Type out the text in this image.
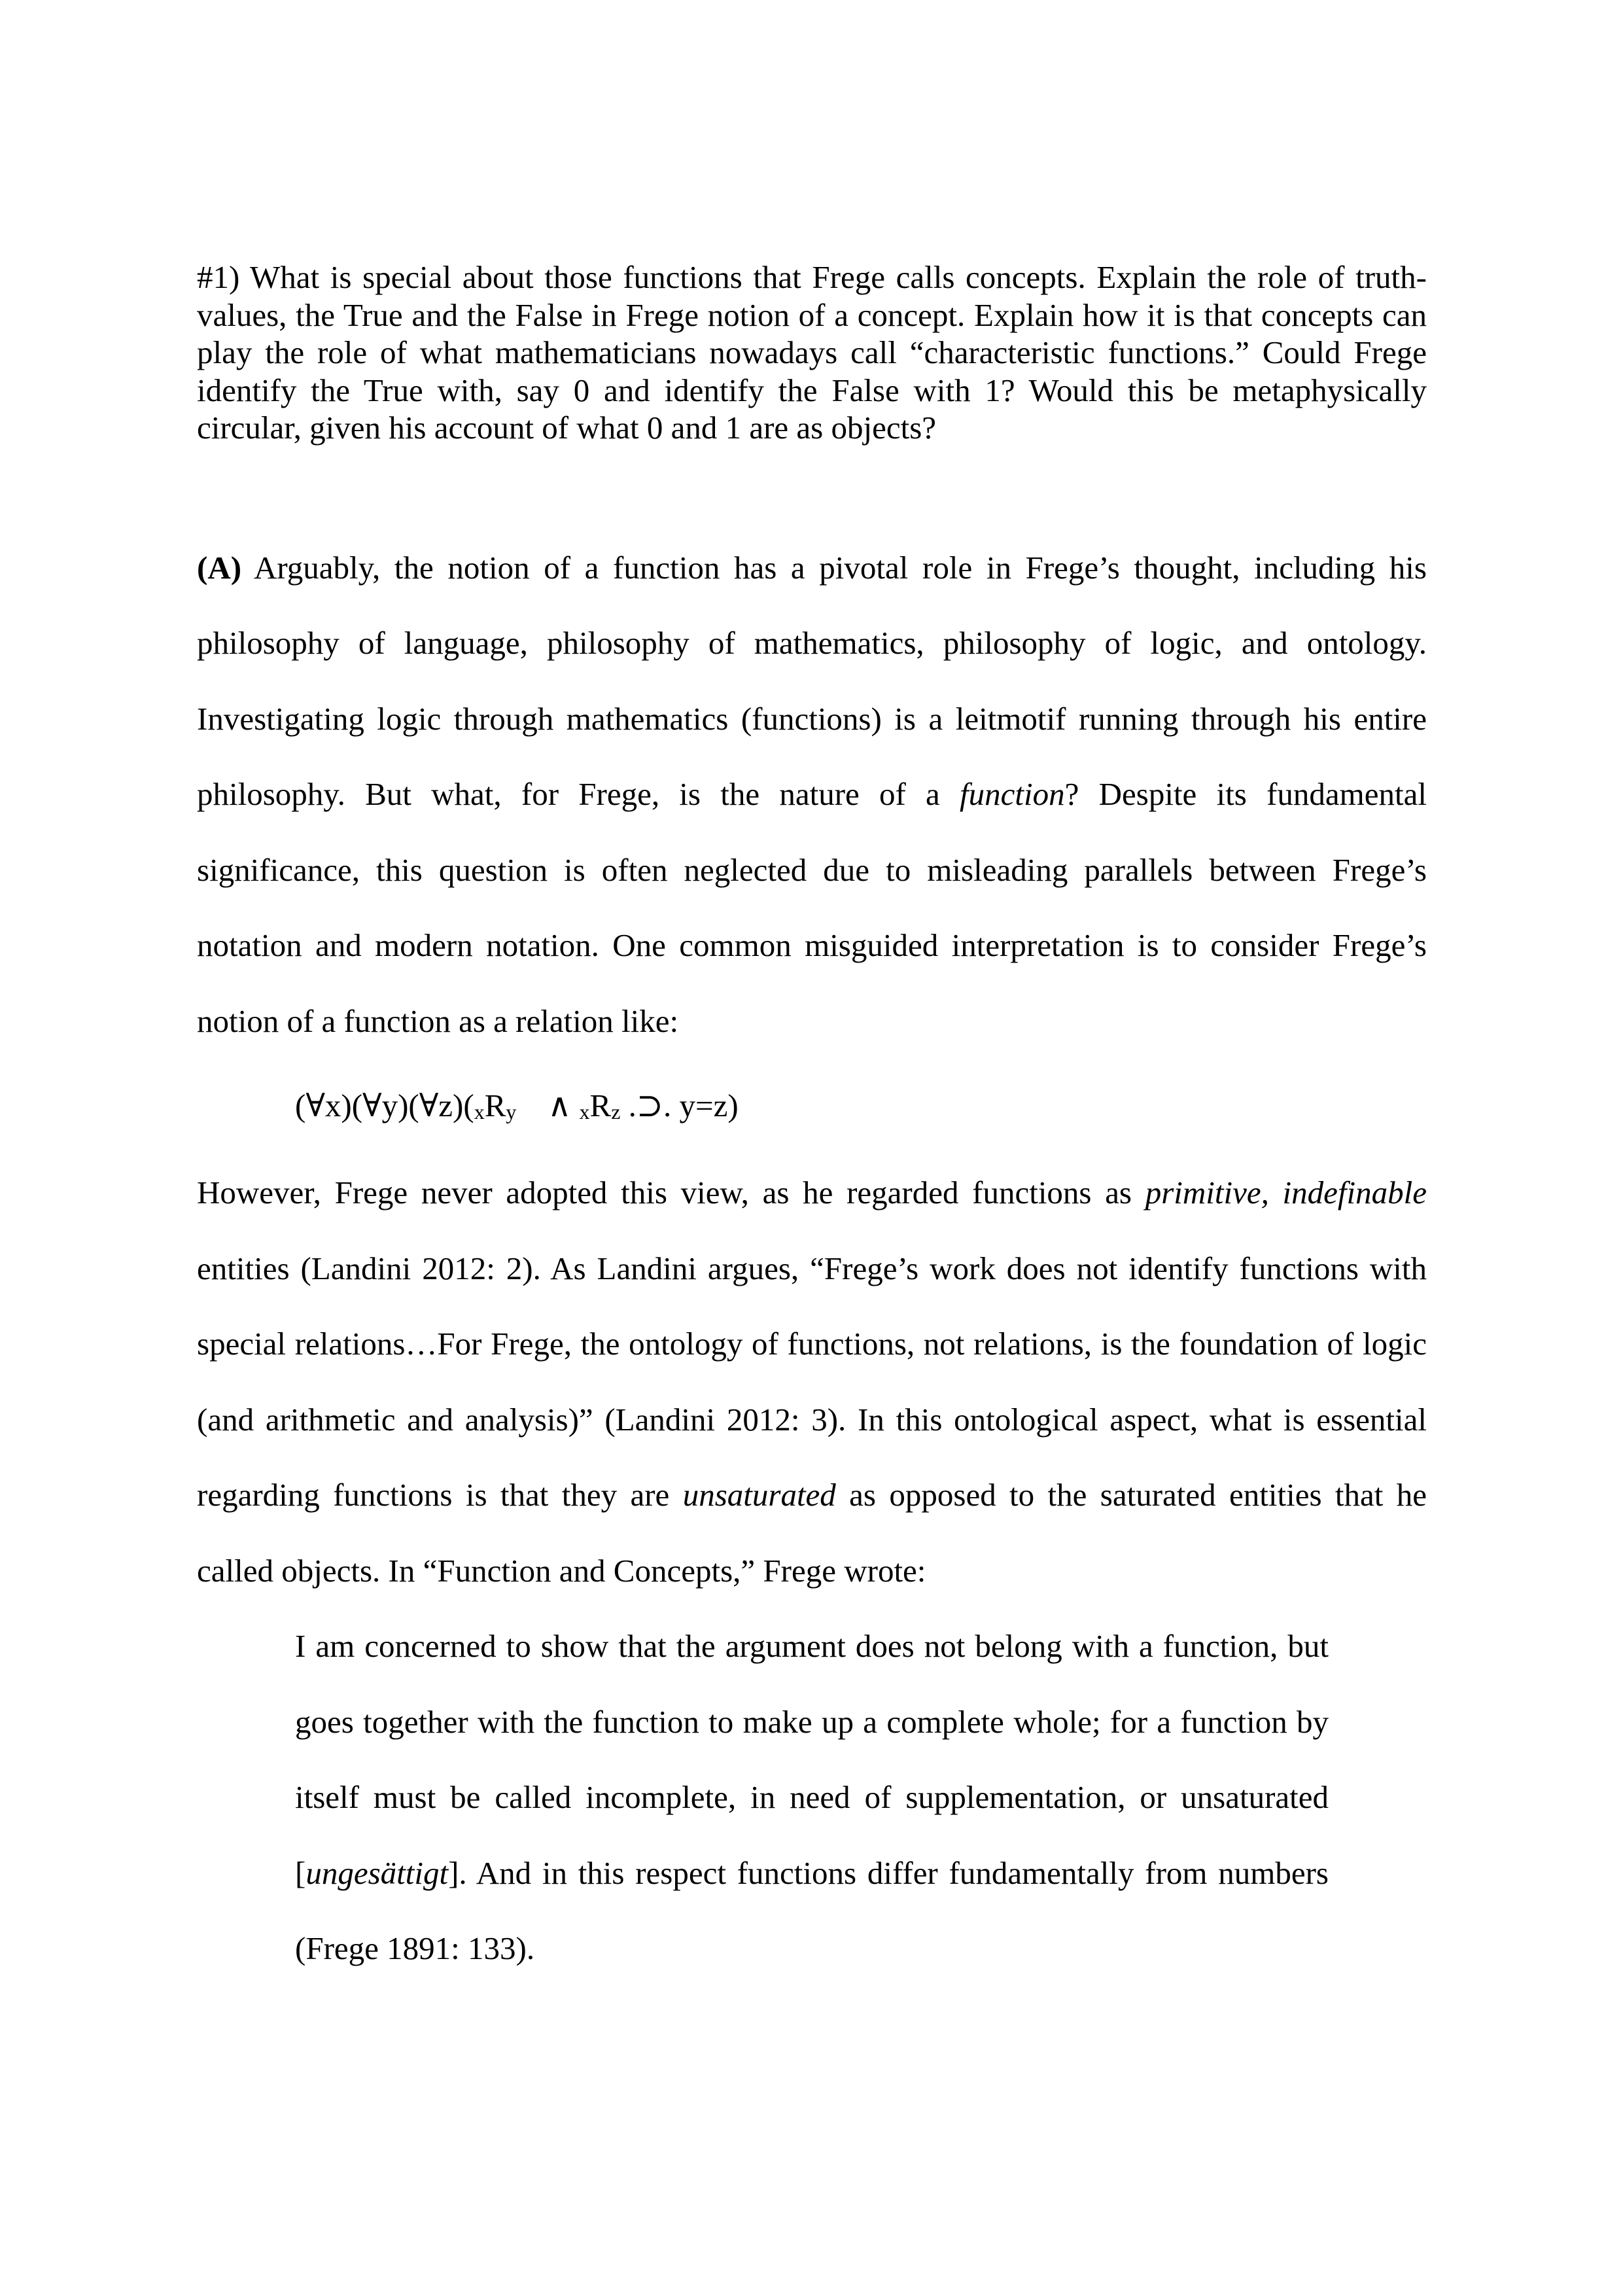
#1) What is special about those functions that Frege calls concepts. Explain the role of truth-values, the True and the False in Frege notion of a concept. Explain how it is that concepts can play the role of what mathematicians nowadays call “characteristic functions.” Could Frege identify the True with, say 0 and identify the False with 1? Would this be metaphysically circular, given his account of what 0 and 1 are as objects?

(A) Arguably, the notion of a function has a pivotal role in Frege’s thought, including his philosophy of language, philosophy of mathematics, philosophy of logic, and ontology. Investigating logic through mathematics (functions) is a leitmotif running through his entire philosophy. But what, for Frege, is the nature of a function? Despite its fundamental significance, this question is often neglected due to misleading parallels between Frege’s notation and modern notation. One common misguided interpretation is to consider Frege’s notion of a function as a relation like:

$(\forall x)(\forall y)(\forall z)(_xR_y$ ∧ $_xR_z$ .⊃. y=z)

However, Frege never adopted this view, as he regarded functions as primitive, indefinable entities (Landini 2012: 2). As Landini argues, “Frege’s work does not identify functions with special relations…For Frege, the ontology of functions, not relations, is the foundation of logic (and arithmetic and analysis)” (Landini 2012: 3). In this ontological aspect, what is essential regarding functions is that they are unsaturated as opposed to the saturated entities that he called objects. In “Function and Concepts,” Frege wrote:

I am concerned to show that the argument does not belong with a function, but goes together with the function to make up a complete whole; for a function by itself must be called incomplete, in need of supplementation, or unsaturated [ungesättigt]. And in this respect functions differ fundamentally from numbers (Frege 1891: 133).
